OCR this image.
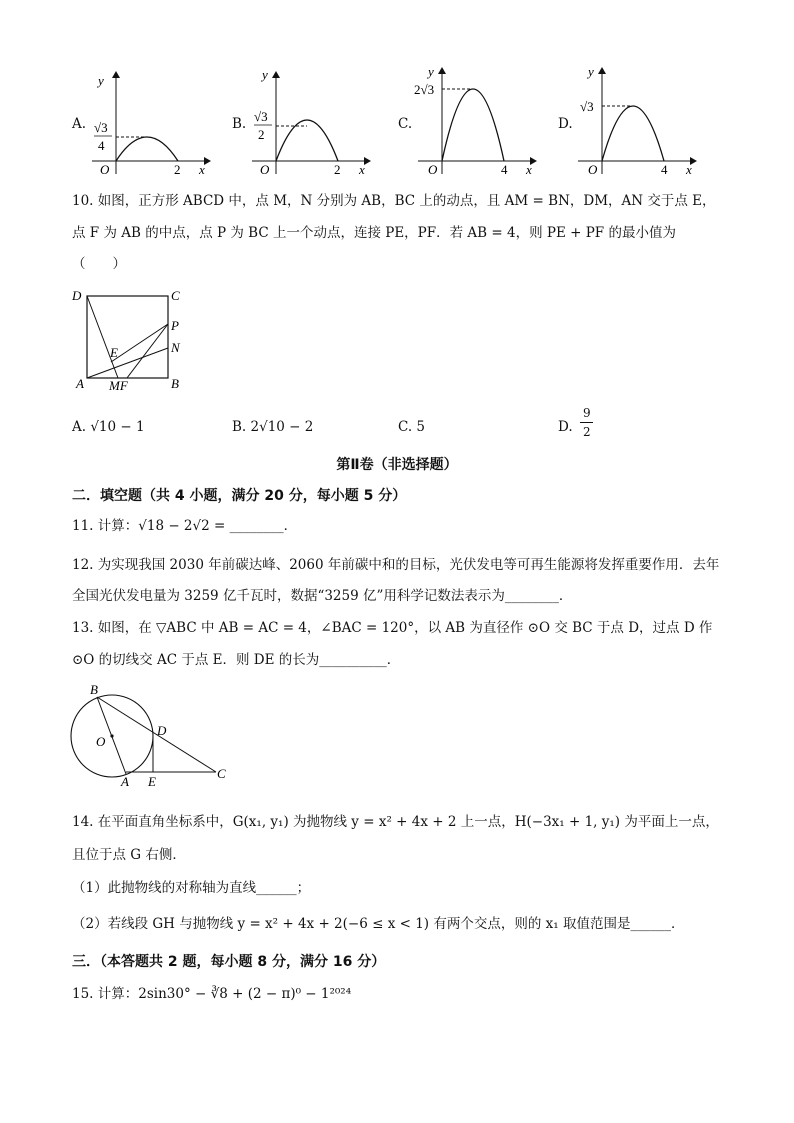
A.
y
O	x
2
√3
4
B.
y
O	x
2
√3
2
C.
y
O	x
4
2√3
D.
y
O	x
4
√3
10. 如图，正方形 ABCD 中，点 M，N 分别为 AB，BC 上的动点，且 AM = BN，DM，AN 交于点 E，
点 F 为 AB 的中点，点 P 为 BC 上一个动点，连接 PE，PF．若 AB = 4，则 PE + PF 的最小值为
（　　）
D	C
P
N
E
A MF	B
A. √10 − 1	B. 2√10 − 2	C. 5	D.
9
2
第Ⅱ卷（非选择题）
二．填空题（共 4 小题，满分 20 分，每小题 5 分）
11. 计算：√18 − 2√2 = ________．
12. 为实现我国 2030 年前碳达峰、2060 年前碳中和的目标，光伏发电等可再生能源将发挥重要作用．去年
全国光伏发电量为 3259 亿千瓦时，数据“3259 亿”用科学记数法表示为________．
13. 如图，在 ▽ABC 中 AB = AC = 4，∠BAC = 120°，以 AB 为直径作 ⊙O 交 BC 于点 D，过点 D 作
⊙O 的切线交 AC 于点 E．则 DE 的长为__________．
B
D
O
A E
C
14. 在平面直角坐标系中，G(x₁, y₁) 为抛物线 y = x² + 4x + 2 上一点，H(−3x₁ + 1, y₁) 为平面上一点，
且位于点 G 右侧．
（1）此抛物线的对称轴为直线______；
（2）若线段 GH 与抛物线 y = x² + 4x + 2(−6 ≤ x < 1) 有两个交点，则的 x₁ 取值范围是______．
三．（本答题共 2 题，每小题 8 分，满分 16 分）
15. 计算：2sin30° − ∛8 + (2 − π)⁰ − 1²⁰²⁴
